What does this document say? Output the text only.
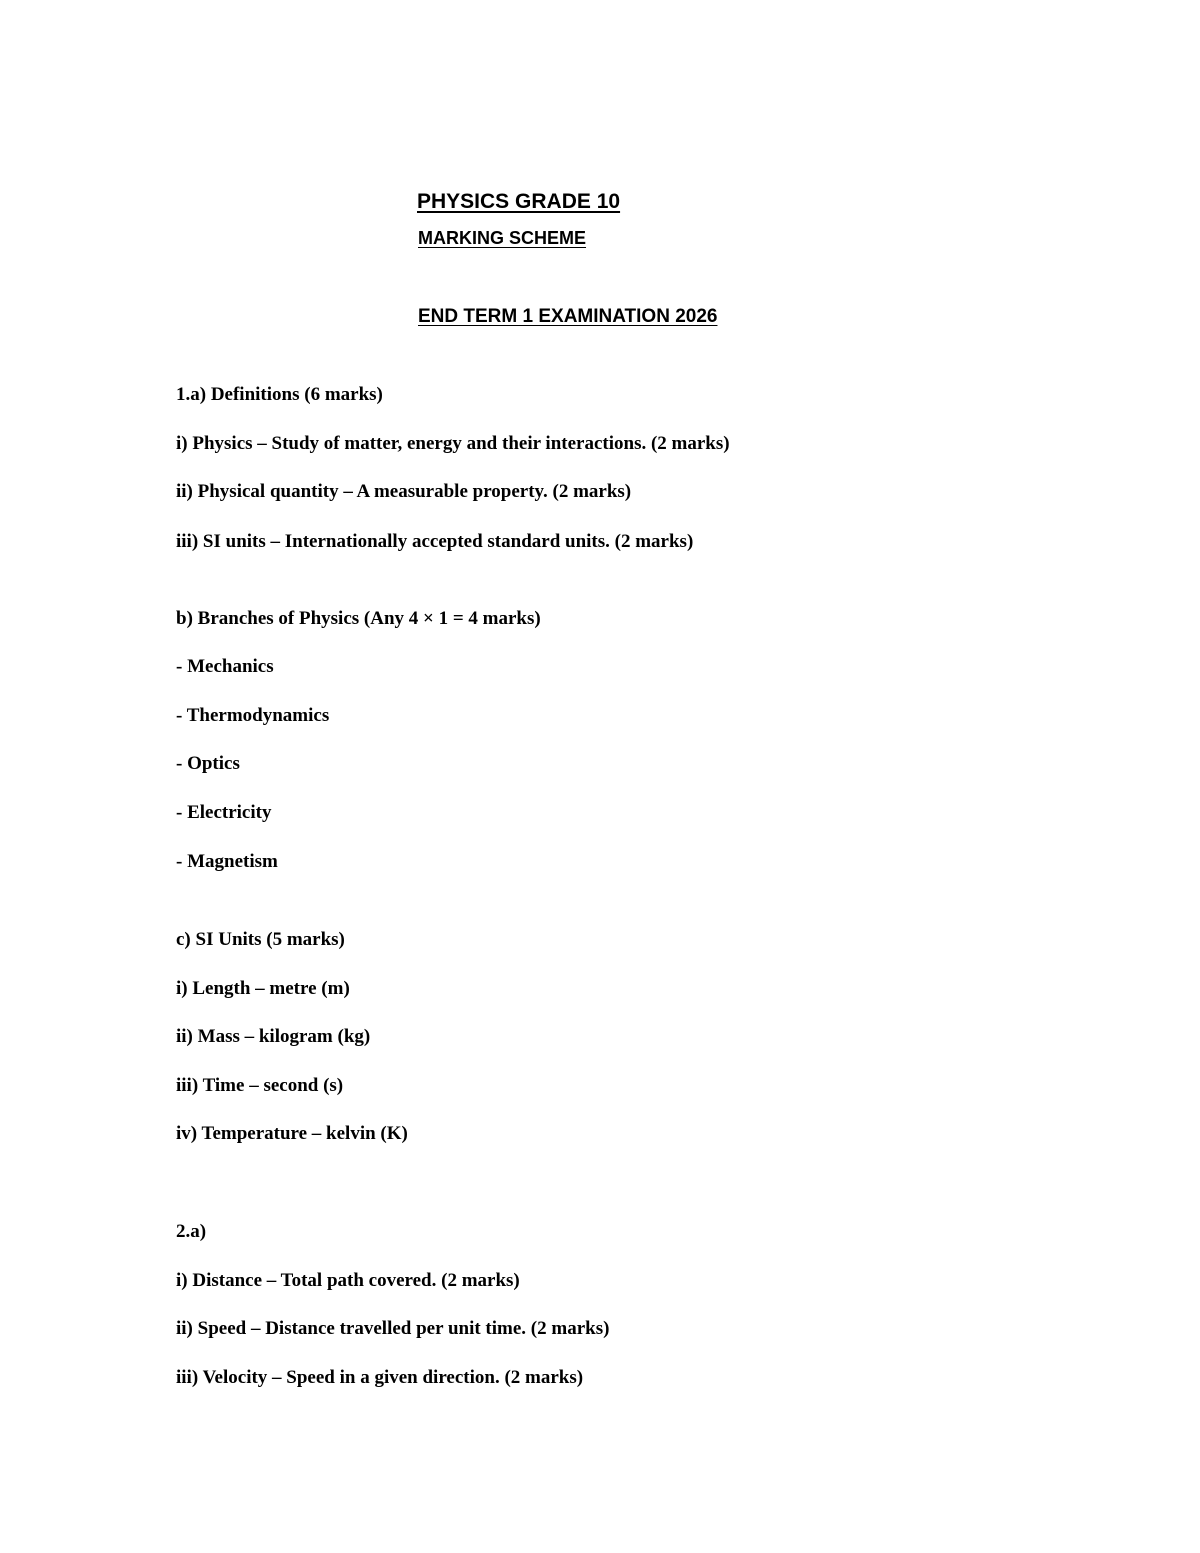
PHYSICS GRADE 10
MARKING SCHEME
END TERM 1 EXAMINATION 2026
1.a) Definitions (6 marks)
i) Physics – Study of matter, energy and their interactions. (2 marks)
ii) Physical quantity – A measurable property. (2 marks)
iii) SI units – Internationally accepted standard units. (2 marks)
b) Branches of Physics (Any 4 × 1 = 4 marks)
- Mechanics
- Thermodynamics
- Optics
- Electricity
- Magnetism
c) SI Units (5 marks)
i) Length – metre (m)
ii) Mass – kilogram (kg)
iii) Time – second (s)
iv) Temperature – kelvin (K)
2.a)
i) Distance – Total path covered. (2 marks)
ii) Speed – Distance travelled per unit time. (2 marks)
iii) Velocity – Speed in a given direction. (2 marks)
